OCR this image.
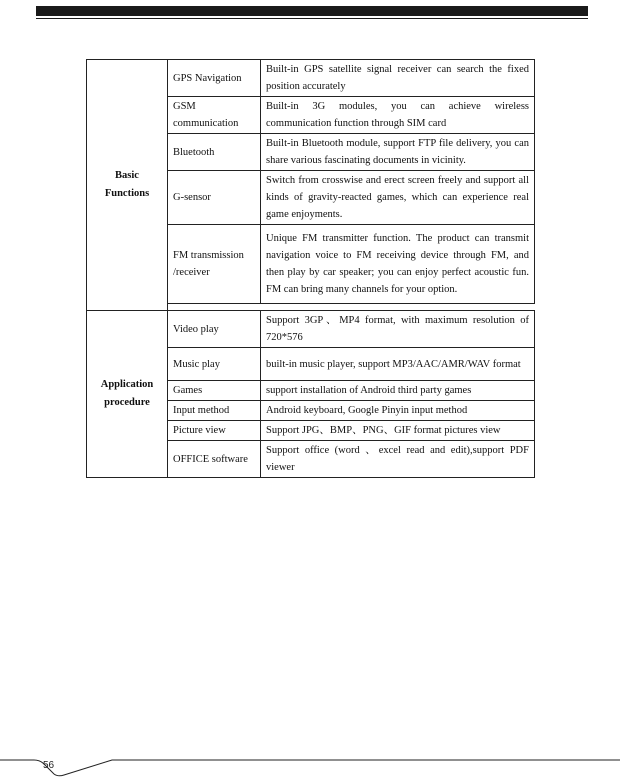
Basic
Functions	GPS Navigation	Built-in GPS satellite signal receiver can search the fixed position accurately
	GSM communication	Built-in 3G modules, you can achieve wireless communication function through SIM card
	Bluetooth	Built-in Bluetooth module, support FTP file delivery, you can share various fascinating documents in vicinity.
	G-sensor	Switch from crosswise and erect screen freely and support all kinds of gravity-reacted games, which can experience real game enjoyments.
	FM transmission /receiver	Unique FM transmitter function. The product can transmit navigation voice to FM receiving device through FM, and then play by car speaker; you can enjoy perfect acoustic fun. FM can bring many channels for your option.

Application
procedure	Video play	Support 3GP、MP4 format, with maximum resolution of 720*576
	Music play	built-in music player, support MP3/AAC/AMR/WAV format
	Games	support installation of Android third party games
	Input method	Android keyboard, Google Pinyin input method
	Picture view	Support JPG、BMP、PNG、GIF format pictures view
	OFFICE software	Support office (word 、excel read and edit),support PDF viewer
56
